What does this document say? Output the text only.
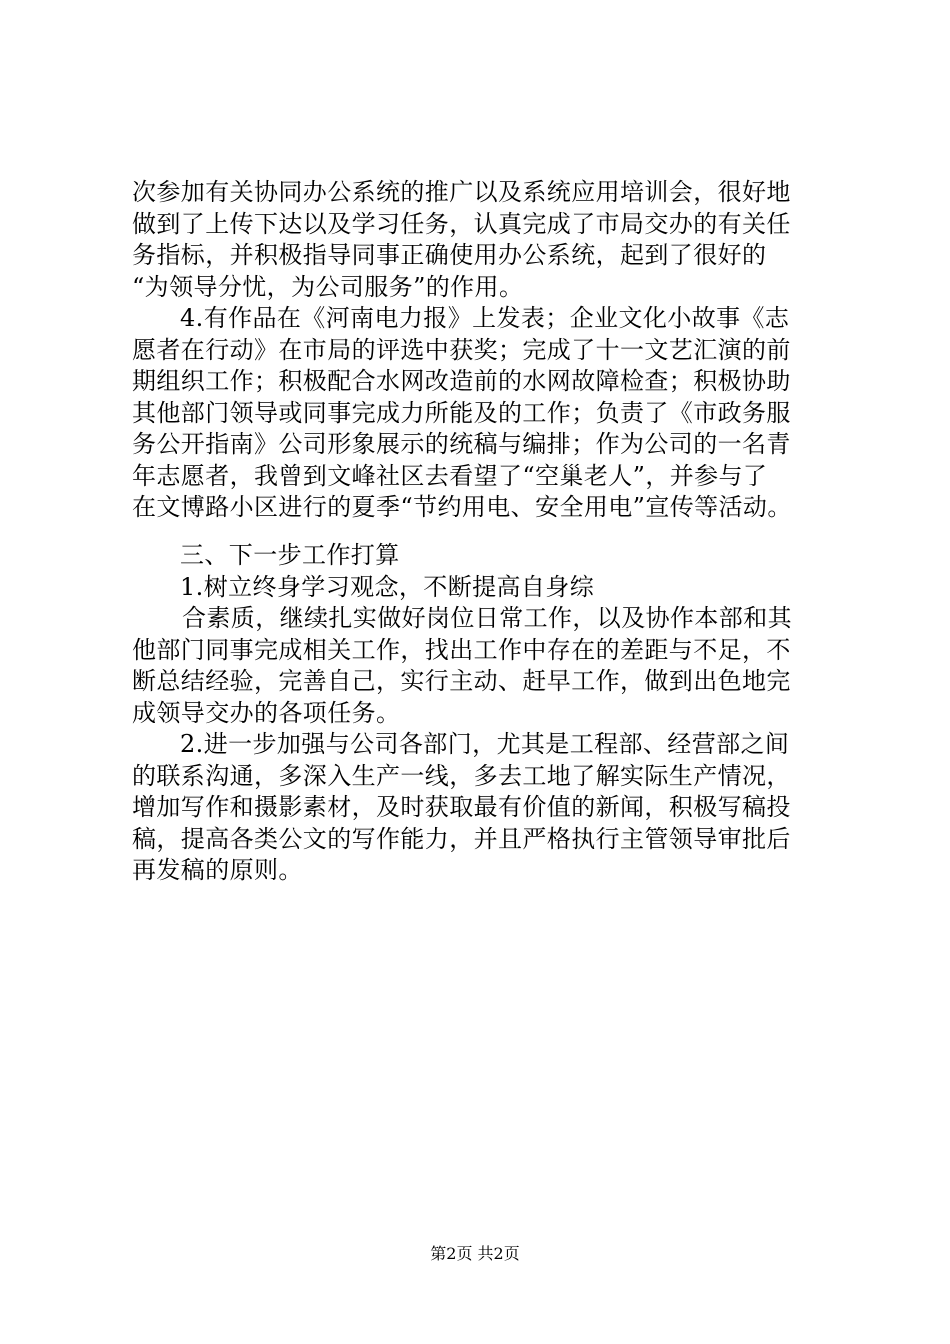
次参加有关协同办公系统的推广以及系统应用培训会，很好地
做到了上传下达以及学习任务，认真完成了市局交办的有关任
务指标，并积极指导同事正确使用办公系统，起到了很好的
“为领导分忧，为公司服务”的作用。
4.有作品在《河南电力报》上发表；企业文化小故事《志
愿者在行动》在市局的评选中获奖；完成了十一文艺汇演的前
期组织工作；积极配合水网改造前的水网故障检查；积极协助
其他部门领导或同事完成力所能及的工作；负责了《市政务服
务公开指南》公司形象展示的统稿与编排；作为公司的一名青
年志愿者，我曾到文峰社区去看望了“空巢老人”，并参与了
在文博路小区进行的夏季“节约用电、安全用电”宣传等活动。
三、下一步工作打算
1.树立终身学习观念，不断提高自身综
合素质，继续扎实做好岗位日常工作，以及协作本部和其
他部门同事完成相关工作，找出工作中存在的差距与不足，不
断总结经验，完善自己，实行主动、赶早工作，做到出色地完
成领导交办的各项任务。
2.进一步加强与公司各部门，尤其是工程部、经营部之间
的联系沟通，多深入生产一线，多去工地了解实际生产情况，
增加写作和摄影素材，及时获取最有价值的新闻，积极写稿投
稿，提高各类公文的写作能力，并且严格执行主管领导审批后
再发稿的原则。
第2页 共2页
